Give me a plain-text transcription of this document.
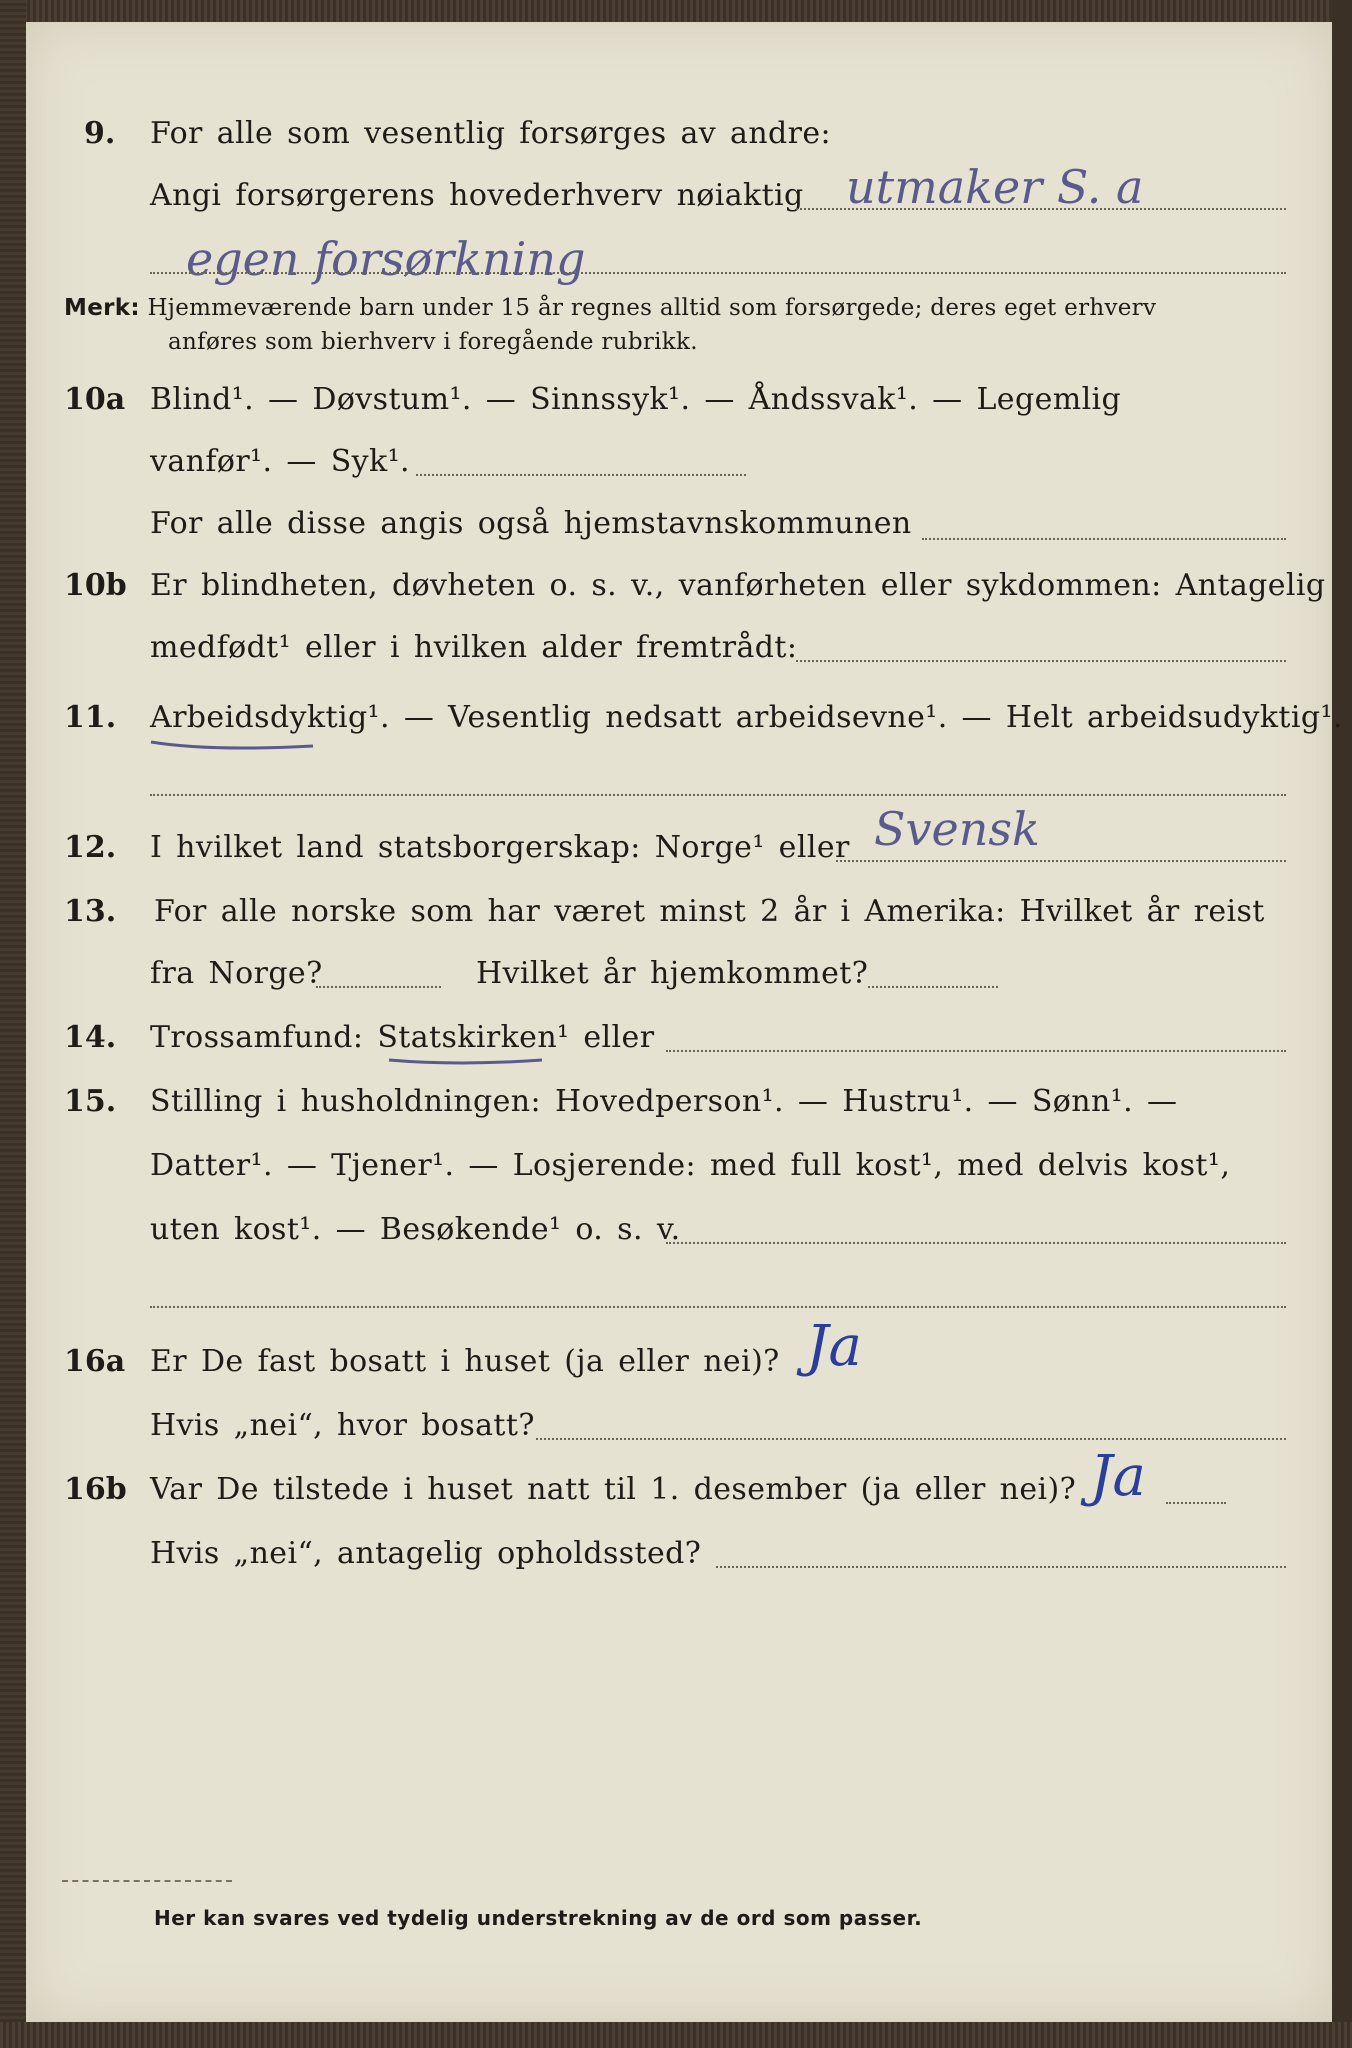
9. For alle som vesentlig forsørges av andre:
utmaker S. a
Angi forsørgerens hovederhverv nøiaktig
egen forsørkning
Merk: Hjemmeværende barn under 15 år regnes alltid som forsørgede; deres eget erhverv
anføres som bierhverv i foregående rubrikk.
10a Blind¹. — Døvstum¹. — Sinnssyk¹. — Åndssvak¹. — Legemlig
vanfør¹. — Syk¹.
For alle disse angis også hjemstavnskommunen
10b Er blindheten, døvheten o. s. v., vanførheten eller sykdommen: Antagelig
medfødt¹ eller i hvilken alder fremtrådt:
11. Arbeidsdyktig¹. — Vesentlig nedsatt arbeidsevne¹. — Helt arbeidsudyktig¹.
12. I hvilket land statsborgerskap: Norge¹ eller Svensk
13. For alle norske som har været minst 2 år i Amerika: Hvilket år reist
fra Norge?	Hvilket år hjemkommet?
14. Trossamfund: Statskirken¹ eller
15. Stilling i husholdningen: Hovedperson¹. — Hustru¹. — Sønn¹. —
Datter¹. — Tjener¹. — Losjerende: med full kost¹, med delvis kost¹,
uten kost¹. — Besøkende¹ o. s. v.
16a Er De fast bosatt i huset (ja eller nei)? Ja
Hvis „nei“, hvor bosatt?
16b Var De tilstede i huset natt til 1. desember (ja eller nei)? Ja
Hvis „nei“, antagelig opholdssted?
Her kan svares ved tydelig understrekning av de ord som passer.
